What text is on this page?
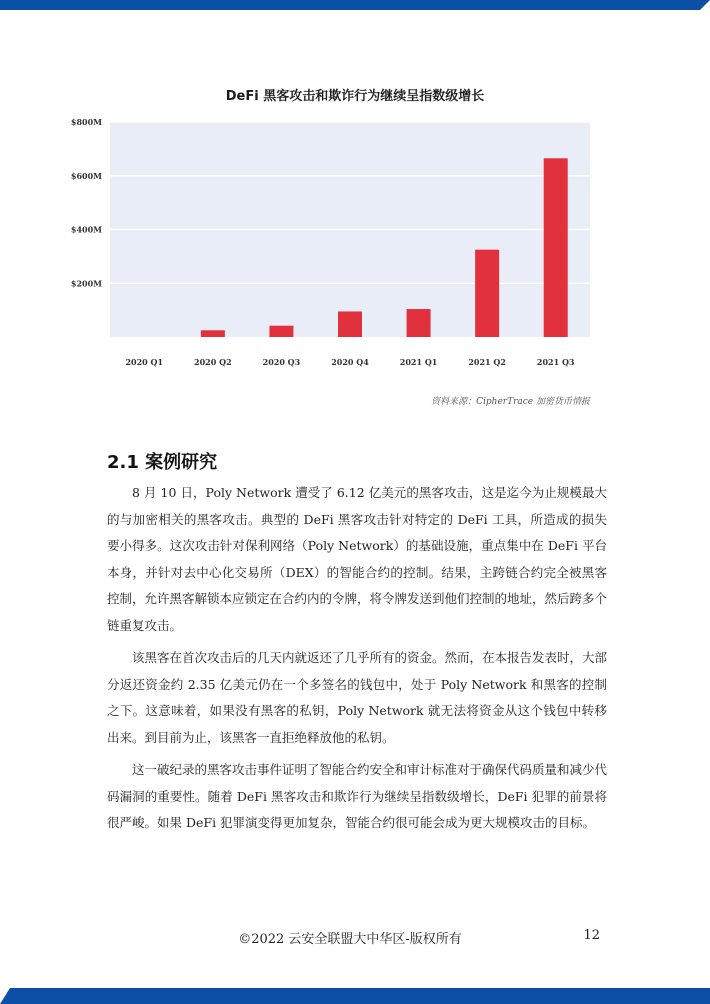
DeFi 黑客攻击和欺诈行为继续呈指数级增长
$200M
$400M
$600M
$800M
2020 Q1	2020 Q2	2020 Q3	2020 Q4	2021 Q1	2021 Q2	2021 Q3
资料来源：CipherTrace 加密货币情报
2.1 案例研究

8 月 10 日，Poly Network 遭受了 6.12 亿美元的黑客攻击，这是迄今为止规模最大的与加密相关的黑客攻击。典型的 DeFi 黑客攻击针对特定的 DeFi 工具，所造成的损失要小得多。这次攻击针对保利网络（Poly Network）的基础设施，重点集中在 DeFi 平台本身，并针对去中心化交易所（DEX）的智能合约的控制。结果，主跨链合约完全被黑客控制，允许黑客解锁本应锁定在合约内的令牌，将令牌发送到他们控制的地址，然后跨多个链重复攻击。

该黑客在首次攻击后的几天内就返还了几乎所有的资金。然而，在本报告发表时，大部分返还资金约 2.35 亿美元仍在一个多签名的钱包中，处于 Poly Network 和黑客的控制之下。这意味着，如果没有黑客的私钥，Poly Network 就无法将资金从这个钱包中转移出来。到目前为止，该黑客一直拒绝释放他的私钥。

这一破纪录的黑客攻击事件证明了智能合约安全和审计标准对于确保代码质量和减少代码漏洞的重要性。随着 DeFi 黑客攻击和欺诈行为继续呈指数级增长，DeFi 犯罪的前景将很严峻。如果 DeFi 犯罪演变得更加复杂，智能合约很可能会成为更大规模攻击的目标。

©2022 云安全联盟大中华区-版权所有	12
